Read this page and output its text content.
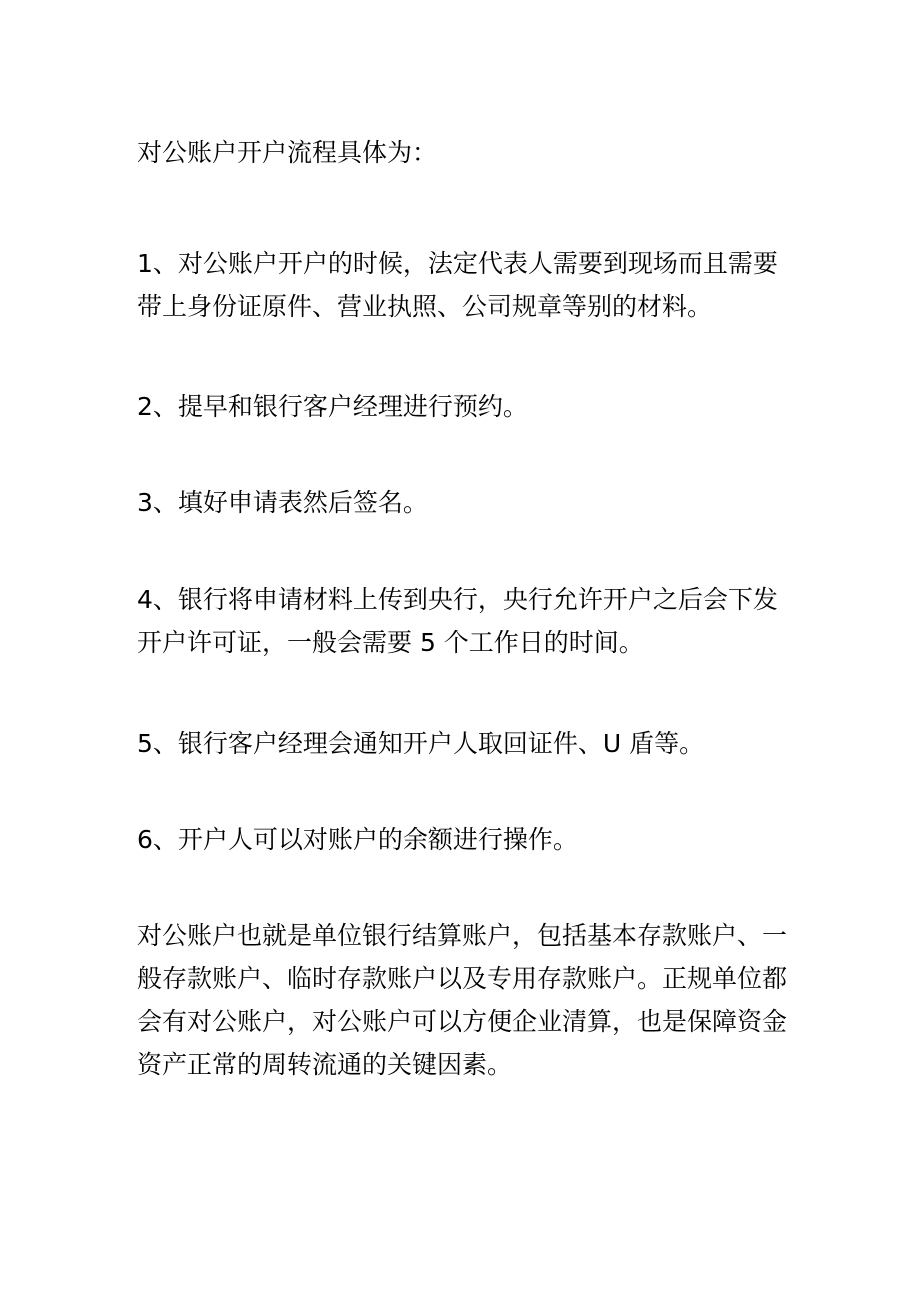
对公账户开户流程具体为：

1、对公账户开户的时候，法定代表人需要到现场而且需要带上身份证原件、营业执照、公司规章等别的材料。

2、提早和银行客户经理进行预约。

3、填好申请表然后签名。

4、银行将申请材料上传到央行，央行允许开户之后会下发开户许可证，一般会需要 5 个工作日的时间。

5、银行客户经理会通知开户人取回证件、U 盾等。

6、开户人可以对账户的余额进行操作。

对公账户也就是单位银行结算账户，包括基本存款账户、一般存款账户、临时存款账户以及专用存款账户。正规单位都会有对公账户，对公账户可以方便企业清算，也是保障资金资产正常的周转流通的关键因素。
